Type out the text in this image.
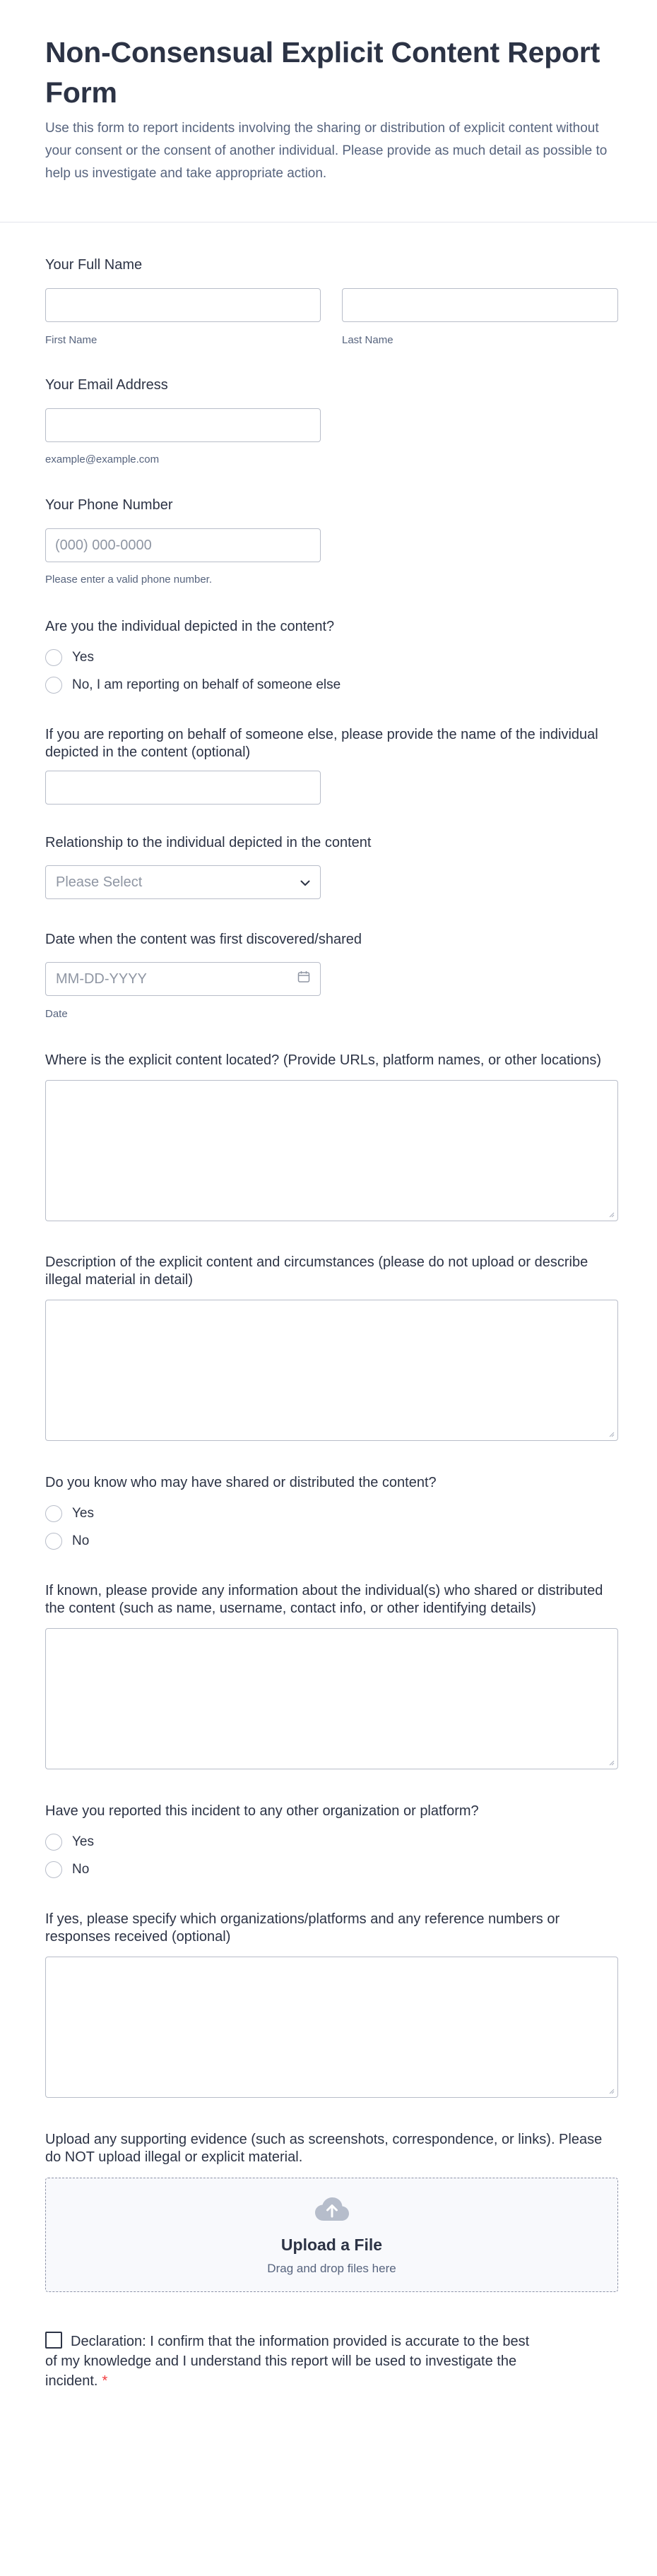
Non-Consensual Explicit Content Report Form

Use this form to report incidents involving the sharing or distribution of explicit content without your consent or the consent of another individual. Please provide as much detail as possible to help us investigate and take appropriate action.

Your Full Name
First Name	Last Name
Your Email Address
example@example.com
Your Phone Number
(000) 000-0000
Please enter a valid phone number.
Are you the individual depicted in the content?
Yes
No, I am reporting on behalf of someone else
If you are reporting on behalf of someone else, please provide the name of the individual depicted in the content (optional)
Relationship to the individual depicted in the content
Please Select
Date when the content was first discovered/shared
MM-DD-YYYY
Date
Where is the explicit content located? (Provide URLs, platform names, or other locations)
Description of the explicit content and circumstances (please do not upload or describe illegal material in detail)
Do you know who may have shared or distributed the content?
Yes
No
If known, please provide any information about the individual(s) who shared or distributed the content (such as name, username, contact info, or other identifying details)
Have you reported this incident to any other organization or platform?
Yes
No
If yes, please specify which organizations/platforms and any reference numbers or responses received (optional)
Upload any supporting evidence (such as screenshots, correspondence, or links). Please do NOT upload illegal or explicit material.
Upload a File
Drag and drop files here
Declaration: I confirm that the information provided is accurate to the best of my knowledge and I understand this report will be used to investigate the incident. *
